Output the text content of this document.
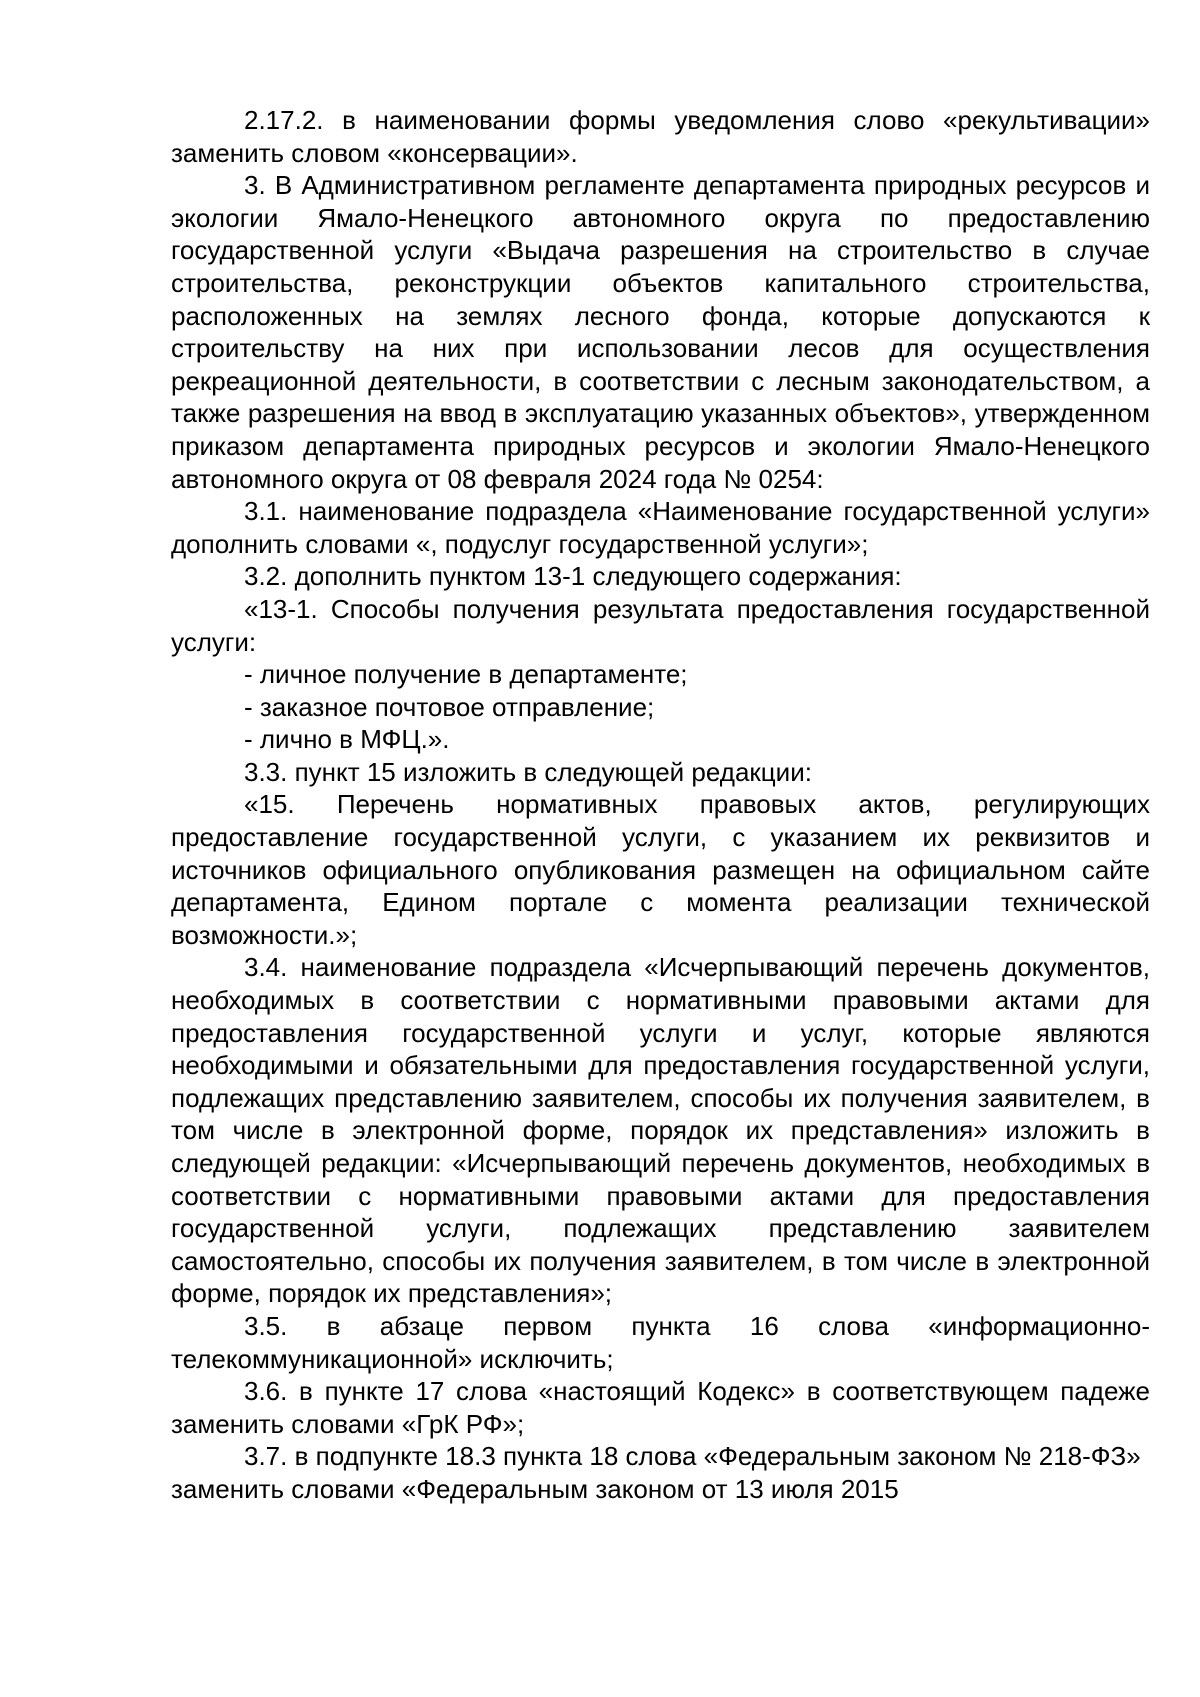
2.17.2. в наименовании формы уведомления слово «рекультивации» заменить словом «консервации».

3. В Административном регламенте департамента природных ресурсов и экологии Ямало-Ненецкого автономного округа по предоставлению государственной услуги «Выдача разрешения на строительство в случае строительства, реконструкции объектов капитального строительства, расположенных на землях лесного фонда, которые допускаются к строительству на них при использовании лесов для осуществления рекреационной деятельности, в соответствии с лесным законодательством, а также разрешения на ввод в эксплуатацию указанных объектов», утвержденном приказом департамента природных ресурсов и экологии Ямало-Ненецкого автономного округа от 08 февраля 2024 года № 0254:

3.1. наименование подраздела «Наименование государственной услуги» дополнить словами «, подуслуг государственной услуги»;

3.2. дополнить пунктом 13-1 следующего содержания:

«13-1. Способы получения результата предоставления государственной услуги:

- личное получение в департаменте;

- заказное почтовое отправление;

- лично в МФЦ.».

3.3. пункт 15 изложить в следующей редакции:

«15. Перечень нормативных правовых актов, регулирующих предоставление государственной услуги, с указанием их реквизитов и источников официального опубликования размещен на официальном сайте департамента, Едином портале с момента реализации технической возможности.»;

3.4. наименование подраздела «Исчерпывающий перечень документов, необходимых в соответствии с нормативными правовыми актами для предоставления государственной услуги и услуг, которые являются необходимыми и обязательными для предоставления государственной услуги, подлежащих представлению заявителем, способы их получения заявителем, в том числе в электронной форме, порядок их представления» изложить в следующей редакции: «Исчерпывающий перечень документов, необходимых в соответствии с нормативными правовыми актами для предоставления государственной услуги, подлежащих представлению заявителем самостоятельно, способы их получения заявителем, в том числе в электронной форме, порядок их представления»;

3.5. в абзаце первом пункта 16 слова «информационно-телекоммуникационной» исключить;

3.6. в пункте 17 слова «настоящий Кодекс» в соответствующем падеже заменить словами «ГрК РФ»;

3.7. в подпункте 18.3 пункта 18 слова «Федеральным законом № 218-ФЗ» заменить словами «Федеральным законом от 13 июля 2015
